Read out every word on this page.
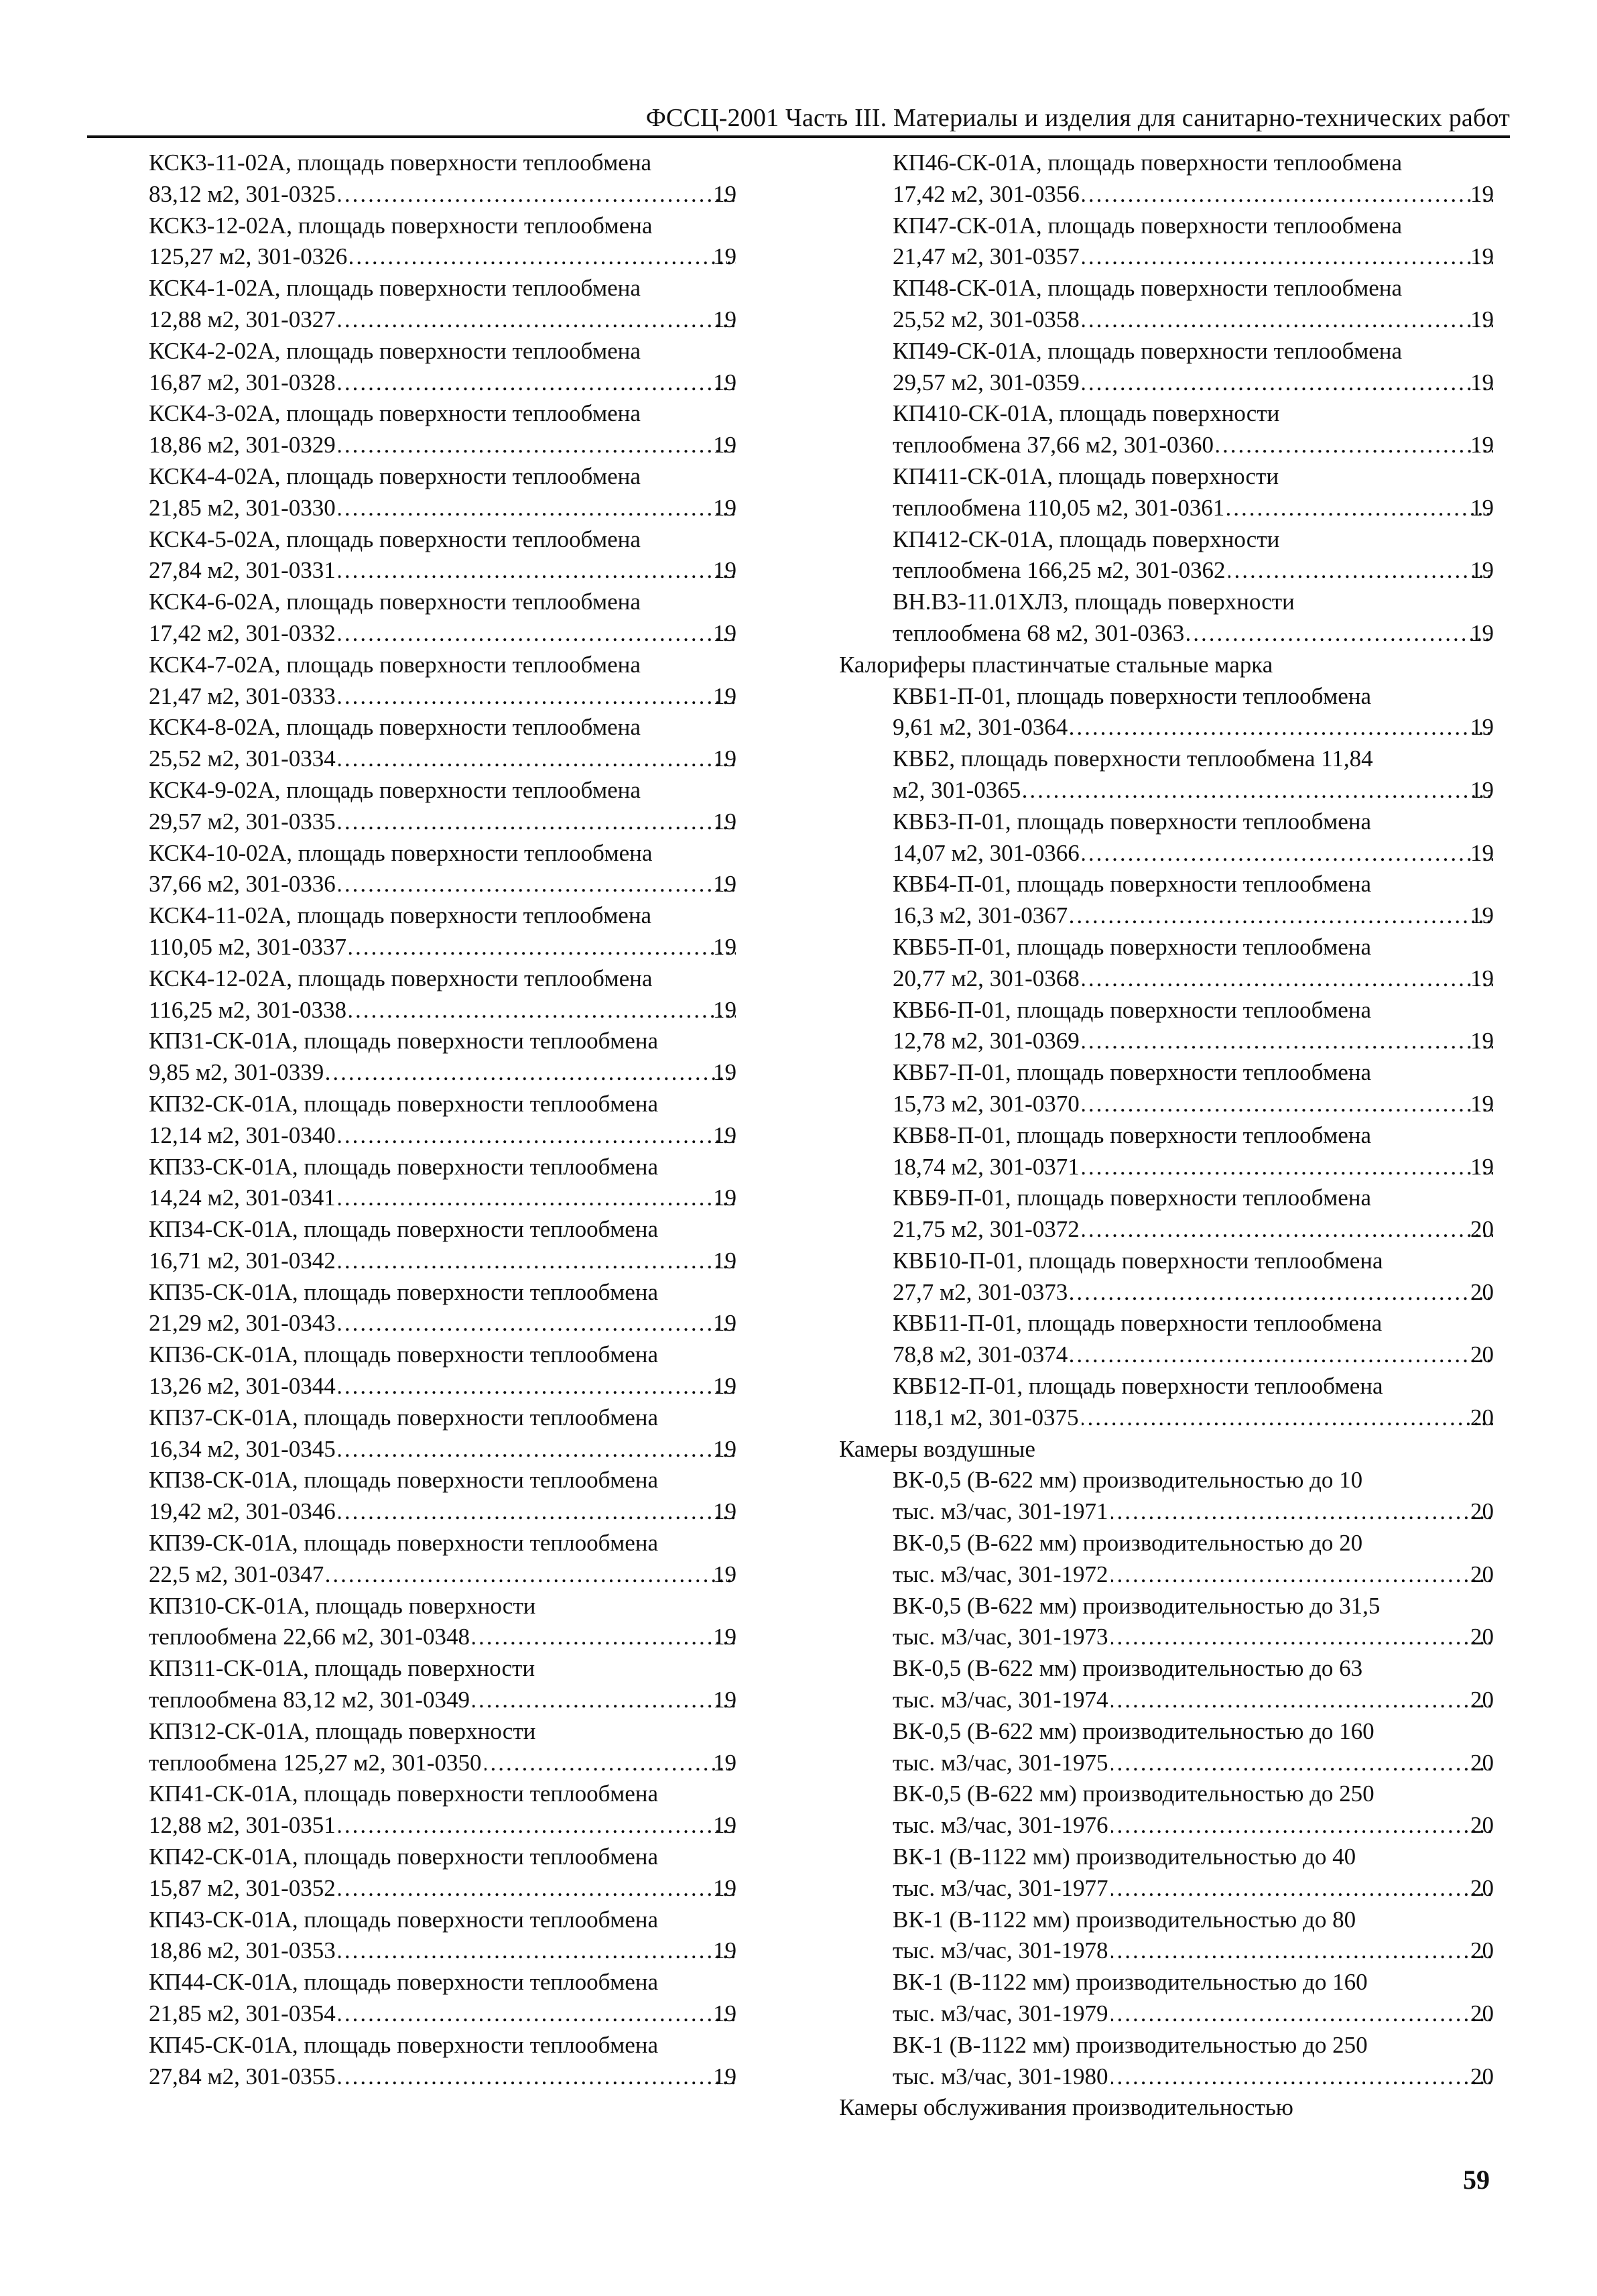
ФССЦ-2001 Часть III. Материалы и изделия для санитарно-технических работ
КСК3-11-02А, площадь поверхности теплообмена
83,12 м2, 301-0325 .....	19
КСК3-12-02А, площадь поверхности теплообмена
125,27 м2, 301-0326 .....	19
КСК4-1-02А, площадь поверхности теплообмена
12,88 м2, 301-0327 .....	19
КСК4-2-02А, площадь поверхности теплообмена
16,87 м2, 301-0328 .....	19
КСК4-3-02А, площадь поверхности теплообмена
18,86 м2, 301-0329 .....	19
КСК4-4-02А, площадь поверхности теплообмена
21,85 м2, 301-0330 .....	19
КСК4-5-02А, площадь поверхности теплообмена
27,84 м2, 301-0331 .....	19
КСК4-6-02А, площадь поверхности теплообмена
17,42 м2, 301-0332 .....	19
КСК4-7-02А, площадь поверхности теплообмена
21,47 м2, 301-0333 .....	19
КСК4-8-02А, площадь поверхности теплообмена
25,52 м2, 301-0334 .....	19
КСК4-9-02А, площадь поверхности теплообмена
29,57 м2, 301-0335 .....	19
КСК4-10-02А, площадь поверхности теплообмена
37,66 м2, 301-0336 .....	19
КСК4-11-02А, площадь поверхности теплообмена
110,05 м2, 301-0337 .....	19
КСК4-12-02А, площадь поверхности теплообмена
116,25 м2, 301-0338 .....	19
КП31-СК-01А, площадь поверхности теплообмена
9,85 м2, 301-0339 .....	19
КП32-СК-01А, площадь поверхности теплообмена
12,14 м2, 301-0340 .....	19
КП33-СК-01А, площадь поверхности теплообмена
14,24 м2, 301-0341 .....	19
КП34-СК-01А, площадь поверхности теплообмена
16,71 м2, 301-0342 .....	19
КП35-СК-01А, площадь поверхности теплообмена
21,29 м2, 301-0343 .....	19
КП36-СК-01А, площадь поверхности теплообмена
13,26 м2, 301-0344 .....	19
КП37-СК-01А, площадь поверхности теплообмена
16,34 м2, 301-0345 .....	19
КП38-СК-01А, площадь поверхности теплообмена
19,42 м2, 301-0346 .....	19
КП39-СК-01А, площадь поверхности теплообмена
22,5 м2, 301-0347 .....	19
КП310-СК-01А, площадь поверхности
теплообмена 22,66 м2, 301-0348 .....	19
КП311-СК-01А, площадь поверхности
теплообмена 83,12 м2, 301-0349 .....	19
КП312-СК-01А, площадь поверхности
теплообмена 125,27 м2, 301-0350 .....	19
КП41-СК-01А, площадь поверхности теплообмена
12,88 м2, 301-0351 .....	19
КП42-СК-01А, площадь поверхности теплообмена
15,87 м2, 301-0352 .....	19
КП43-СК-01А, площадь поверхности теплообмена
18,86 м2, 301-0353 .....	19
КП44-СК-01А, площадь поверхности теплообмена
21,85 м2, 301-0354 .....	19
КП45-СК-01А, площадь поверхности теплообмена
27,84 м2, 301-0355 .....	19
КП46-СК-01А, площадь поверхности теплообмена
17,42 м2, 301-0356 .....	19
КП47-СК-01А, площадь поверхности теплообмена
21,47 м2, 301-0357 .....	19
КП48-СК-01А, площадь поверхности теплообмена
25,52 м2, 301-0358 .....	19
КП49-СК-01А, площадь поверхности теплообмена
29,57 м2, 301-0359 .....	19
КП410-СК-01А, площадь поверхности
теплообмена 37,66 м2, 301-0360 .....	19
КП411-СК-01А, площадь поверхности
теплообмена 110,05 м2, 301-0361 .....	19
КП412-СК-01А, площадь поверхности
теплообмена 166,25 м2, 301-0362 .....	19
ВН.В3-11.01ХЛ3, площадь поверхности
теплообмена 68 м2, 301-0363 .....	19
Калориферы пластинчатые стальные марка
КВБ1-П-01, площадь поверхности теплообмена
9,61 м2, 301-0364 .....	19
КВБ2, площадь поверхности теплообмена 11,84
м2, 301-0365 .....	19
КВБ3-П-01, площадь поверхности теплообмена
14,07 м2, 301-0366 .....	19
КВБ4-П-01, площадь поверхности теплообмена
16,3 м2, 301-0367 .....	19
КВБ5-П-01, площадь поверхности теплообмена
20,77 м2, 301-0368 .....	19
КВБ6-П-01, площадь поверхности теплообмена
12,78 м2, 301-0369 .....	19
КВБ7-П-01, площадь поверхности теплообмена
15,73 м2, 301-0370 .....	19
КВБ8-П-01, площадь поверхности теплообмена
18,74 м2, 301-0371 .....	19
КВБ9-П-01, площадь поверхности теплообмена
21,75 м2, 301-0372 .....	20
КВБ10-П-01, площадь поверхности теплообмена
27,7 м2, 301-0373 .....	20
КВБ11-П-01, площадь поверхности теплообмена
78,8 м2, 301-0374 .....	20
КВБ12-П-01, площадь поверхности теплообмена
118,1 м2, 301-0375 .....	20
Камеры воздушные
ВК-0,5 (В-622 мм) производительностью до 10
тыс. м3/час, 301-1971 .....	20
ВК-0,5 (В-622 мм) производительностью до 20
тыс. м3/час, 301-1972 .....	20
ВК-0,5 (В-622 мм) производительностью до 31,5
тыс. м3/час, 301-1973 .....	20
ВК-0,5 (В-622 мм) производительностью до 63
тыс. м3/час, 301-1974 .....	20
ВК-0,5 (В-622 мм) производительностью до 160
тыс. м3/час, 301-1975 .....	20
ВК-0,5 (В-622 мм) производительностью до 250
тыс. м3/час, 301-1976 .....	20
ВК-1 (В-1122 мм) производительностью до 40
тыс. м3/час, 301-1977 .....	20
ВК-1 (В-1122 мм) производительностью до 80
тыс. м3/час, 301-1978 .....	20
ВК-1 (В-1122 мм) производительностью до 160
тыс. м3/час, 301-1979 .....	20
ВК-1 (В-1122 мм) производительностью до 250
тыс. м3/час, 301-1980 .....	20
Камеры обслуживания производительностью
59
